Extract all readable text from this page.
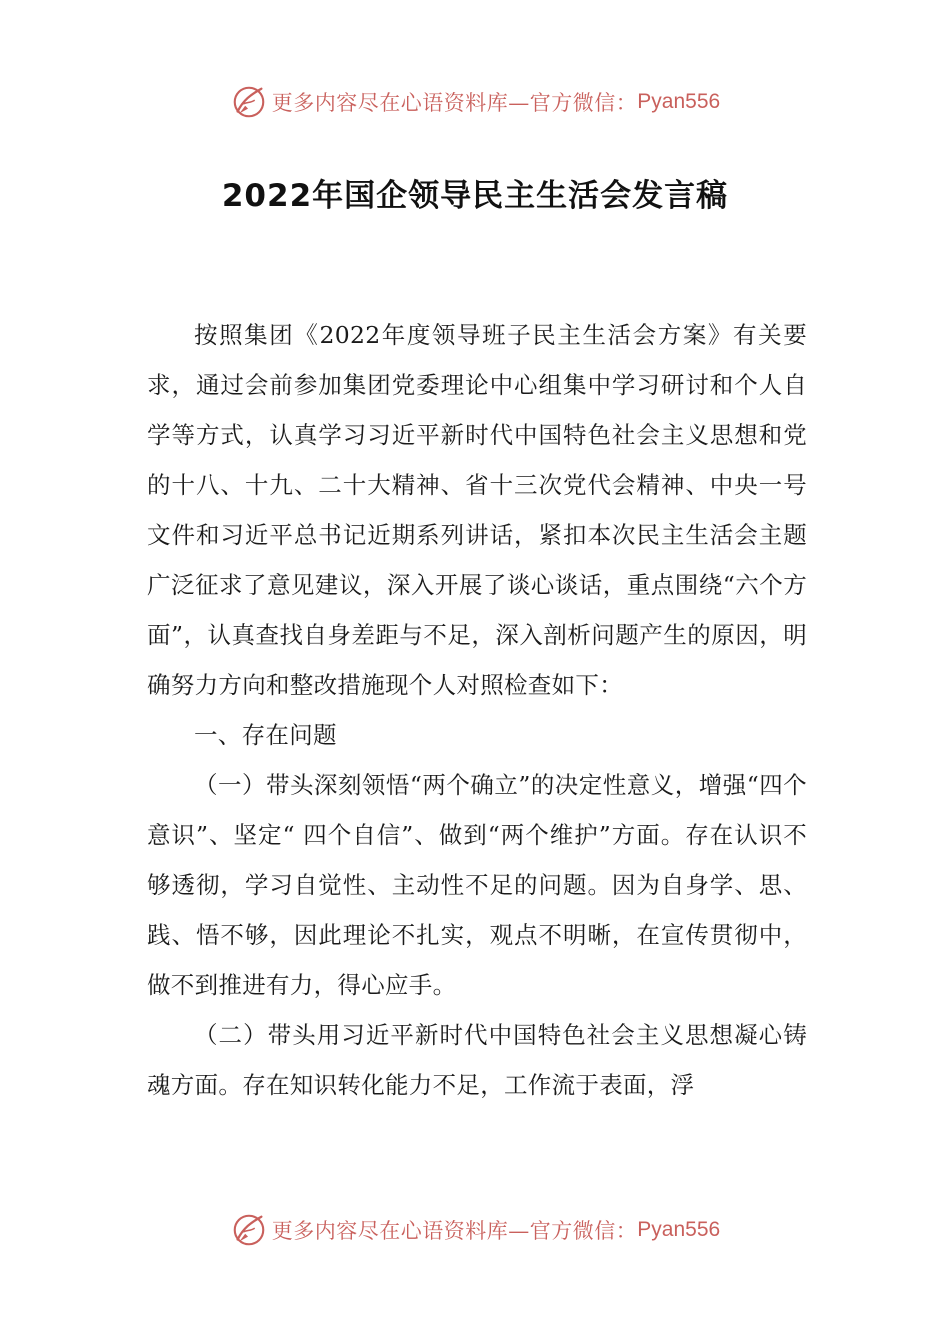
更多内容尽在心语资料库—官方微信： Pyan556
2022年国企领导民主生活会发言稿

按照集团《2022年度领导班子民主生活会方案》有关要求，通过会前参加集团党委理论中心组集中学习研讨和个人自学等方式，认真学习习近平新时代中国特色社会主义思想和党的十八、十九、二十大精神、省十三次党代会精神、中央一号文件和习近平总书记近期系列讲话，紧扣本次民主生活会主题广泛征求了意见建议，深入开展了谈心谈话，重点围绕“六个方面”，认真查找自身差距与不足，深入剖析问题产生的原因，明确努力方向和整改措施现个人对照检查如下：

一、存在问题

（一）带头深刻领悟“两个确立”的决定性意义，增强“四个意识”、坚定“ 四个自信”、做到“两个维护”方面。存在认识不够透彻，学习自觉性、主动性不足的问题。因为自身学、思、践、悟不够，因此理论不扎实，观点不明晰，在宣传贯彻中，做不到推进有力，得心应手。

（二）带头用习近平新时代中国特色社会主义思想凝心铸魂方面。存在知识转化能力不足，工作流于表面，浮

更多内容尽在心语资料库—官方微信： Pyan556
